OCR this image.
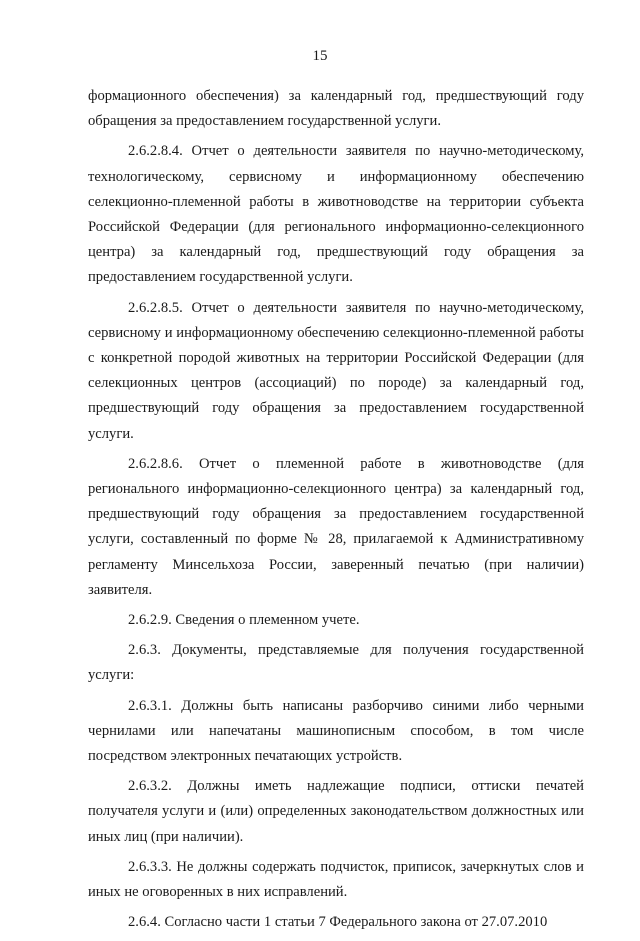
15

формационного обеспечения) за календарный год, предшествующий году обращения за предоставлением государственной услуги.

2.6.2.8.4. Отчет о деятельности заявителя по научно-методическому, технологическому, сервисному и информационному обеспечению селекционно-племенной работы в животноводстве на территории субъекта Российской Федерации (для регионального информационно-селекционного центра) за календарный год, предшествующий году обращения за предоставлением государственной услуги.

2.6.2.8.5. Отчет о деятельности заявителя по научно-методическому, сервисному и информационному обеспечению селекционно-племенной работы с конкретной породой животных на территории Российской Федерации (для селекционных центров (ассоциаций) по породе) за календарный год, предшествующий году обращения за предоставлением государственной услуги.

2.6.2.8.6. Отчет о племенной работе в животноводстве (для регионального информационно-селекционного центра) за календарный год, предшествующий году обращения за предоставлением государственной услуги, составленный по форме № 28, прилагаемой к Административному регламенту Минсельхоза России, заверенный печатью (при наличии) заявителя.

2.6.2.9. Сведения о племенном учете.

2.6.3. Документы, представляемые для получения государственной услуги:

2.6.3.1. Должны быть написаны разборчиво синими либо черными чернилами или напечатаны машинописным способом, в том числе посредством электронных печатающих устройств.

2.6.3.2. Должны иметь надлежащие подписи, оттиски печатей получателя услуги и (или) определенных законодательством должностных или иных лиц (при наличии).

2.6.3.3. Не должны содержать подчисток, приписок, зачеркнутых слов и иных не оговоренных в них исправлений.

2.6.4. Согласно части 1 статьи 7 Федерального закона от 27.07.2010
